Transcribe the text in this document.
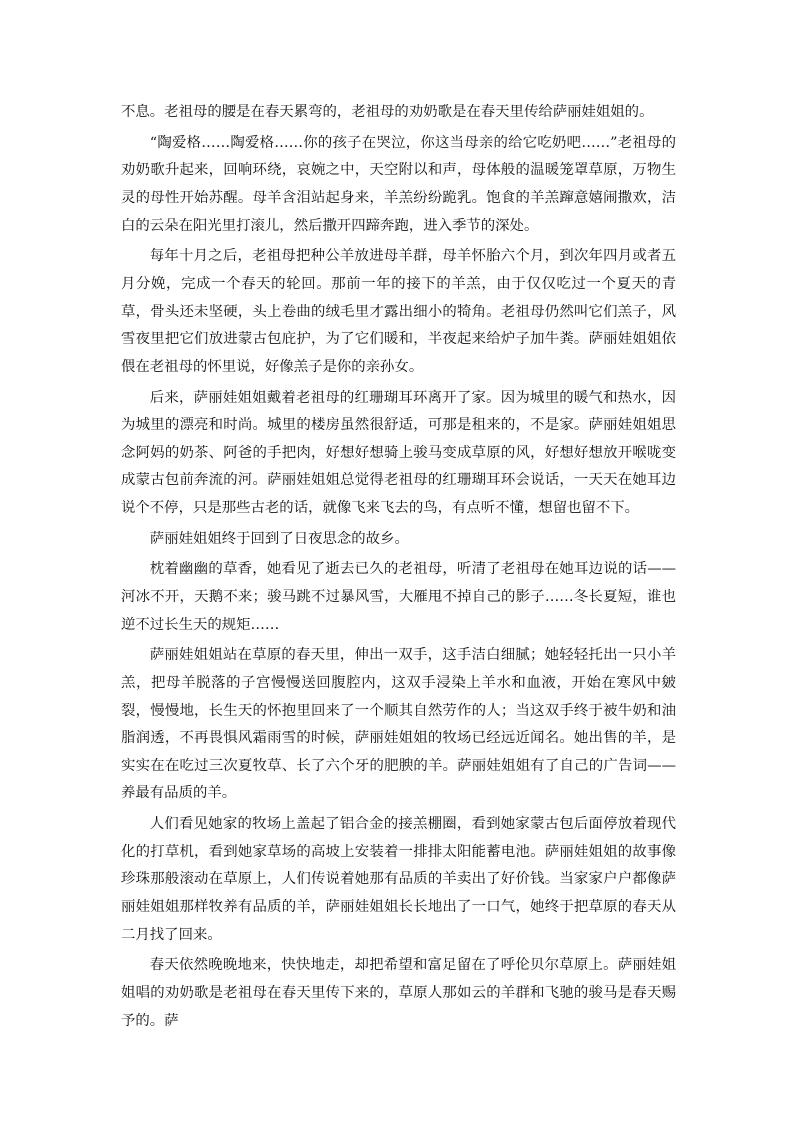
不息。老祖母的腰是在春天累弯的，老祖母的劝奶歌是在春天里传给萨丽娃姐姐的。

“陶爱格……陶爱格……你的孩子在哭泣，你这当母亲的给它吃奶吧……”老祖母的劝奶歌升起来，回响环绕，哀婉之中，天空附以和声，母体般的温暖笼罩草原，万物生灵的母性开始苏醒。母羊含泪站起身来，羊羔纷纷跪乳。饱食的羊羔蹿意嬉闹撒欢，洁白的云朵在阳光里打滚儿，然后撒开四蹄奔跑，进入季节的深处。

每年十月之后，老祖母把种公羊放进母羊群，母羊怀胎六个月，到次年四月或者五月分娩，完成一个春天的轮回。那前一年的接下的羊羔，由于仅仅吃过一个夏天的青草，骨头还未坚硬，头上卷曲的绒毛里才露出细小的犄角。老祖母仍然叫它们羔子，风雪夜里把它们放进蒙古包庇护，为了它们暖和，半夜起来给炉子加牛粪。萨丽娃姐姐依偎在老祖母的怀里说，好像羔子是你的亲孙女。

后来，萨丽娃姐姐戴着老祖母的红珊瑚耳环离开了家。因为城里的暖气和热水，因为城里的漂亮和时尚。城里的楼房虽然很舒适，可那是租来的，不是家。萨丽娃姐姐思念阿妈的奶茶、阿爸的手把肉，好想好想骑上骏马变成草原的风，好想好想放开喉咙变成蒙古包前奔流的河。萨丽娃姐姐总觉得老祖母的红珊瑚耳环会说话，一天天在她耳边说个不停，只是那些古老的话，就像飞来飞去的鸟，有点听不懂，想留也留不下。

萨丽娃姐姐终于回到了日夜思念的故乡。

枕着幽幽的草香，她看见了逝去已久的老祖母，听清了老祖母在她耳边说的话——河冰不开，天鹅不来；骏马跳不过暴风雪，大雁甩不掉自己的影子……冬长夏短，谁也逆不过长生天的规矩……

萨丽娃姐姐站在草原的春天里，伸出一双手，这手洁白细腻；她轻轻托出一只小羊羔，把母羊脱落的子宫慢慢送回腹腔内，这双手浸染上羊水和血液，开始在寒风中皴裂，慢慢地，长生天的怀抱里回来了一个顺其自然劳作的人；当这双手终于被牛奶和油脂润透，不再畏惧风霜雨雪的时候，萨丽娃姐姐的牧场已经远近闻名。她出售的羊，是实实在在吃过三次夏牧草、长了六个牙的肥腴的羊。萨丽娃姐姐有了自己的广告词——养最有品质的羊。

人们看见她家的牧场上盖起了铝合金的接羔棚圈，看到她家蒙古包后面停放着现代化的打草机，看到她家草场的高坡上安装着一排排太阳能蓄电池。萨丽娃姐姐的故事像珍珠那般滚动在草原上，人们传说着她那有品质的羊卖出了好价钱。当家家户户都像萨丽娃姐姐那样牧养有品质的羊，萨丽娃姐姐长长地出了一口气，她终于把草原的春天从二月找了回来。

春天依然晚晚地来，快快地走，却把希望和富足留在了呼伦贝尔草原上。萨丽娃姐姐唱的劝奶歌是老祖母在春天里传下来的，草原人那如云的羊群和飞驰的骏马是春天赐予的。萨
